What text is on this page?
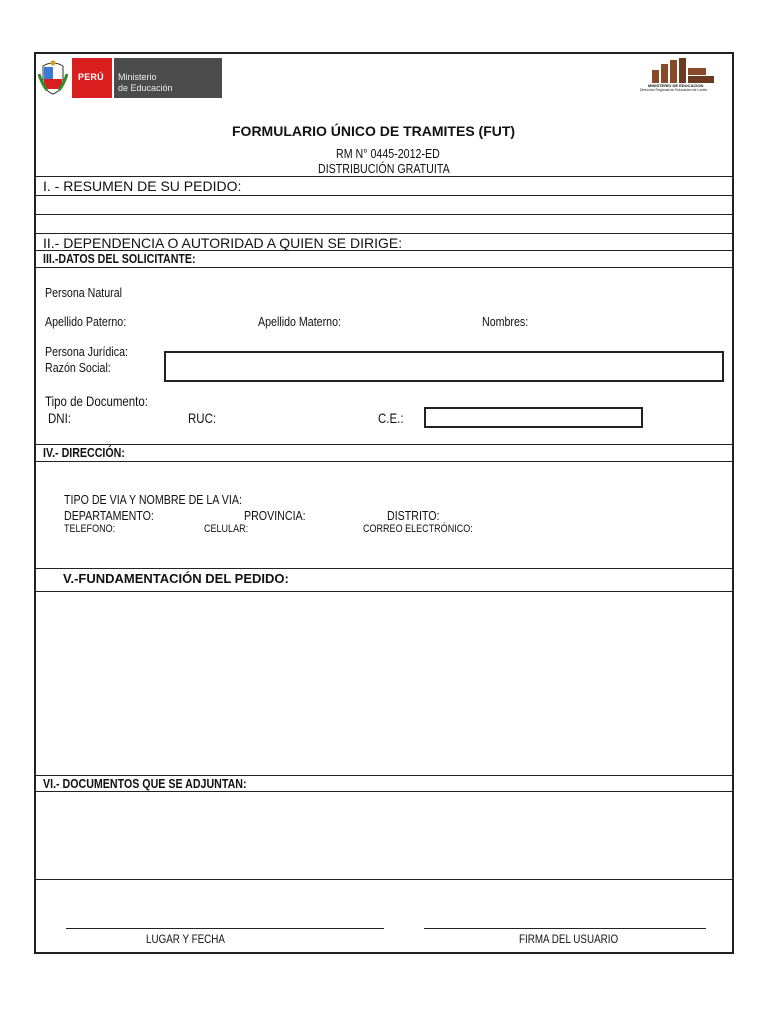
PERÚ Ministerio
de Educación	MINISTERIO DE EDUCACION
Dirección Regional de Educación de Loreto
FORMULARIO ÚNICO DE TRAMITES (FUT)
RM N° 0445-2012-ED
DISTRIBUCIÓN GRATUITA
I. - RESUMEN DE SU PEDIDO:
II.- DEPENDENCIA O AUTORIDAD A QUIEN SE DIRIGE:
III.-DATOS DEL SOLICITANTE:
Persona Natural
Apellido Paterno:	Apellido Materno:	Nombres:
Persona Jurídica:
Razón Social:
Tipo de Documento:
DNI:	RUC:	C.E.:
IV.- DIRECCIÓN:
TIPO DE VIA Y NOMBRE DE LA VIA:
DEPARTAMENTO:	PROVINCIA:	DISTRITO:
TELEFONO:	CELULAR:	CORREO ELECTRÓNICO:
V.-FUNDAMENTACIÓN DEL PEDIDO:
VI.- DOCUMENTOS QUE SE ADJUNTAN:
LUGAR Y FECHA	FIRMA DEL USUARIO
